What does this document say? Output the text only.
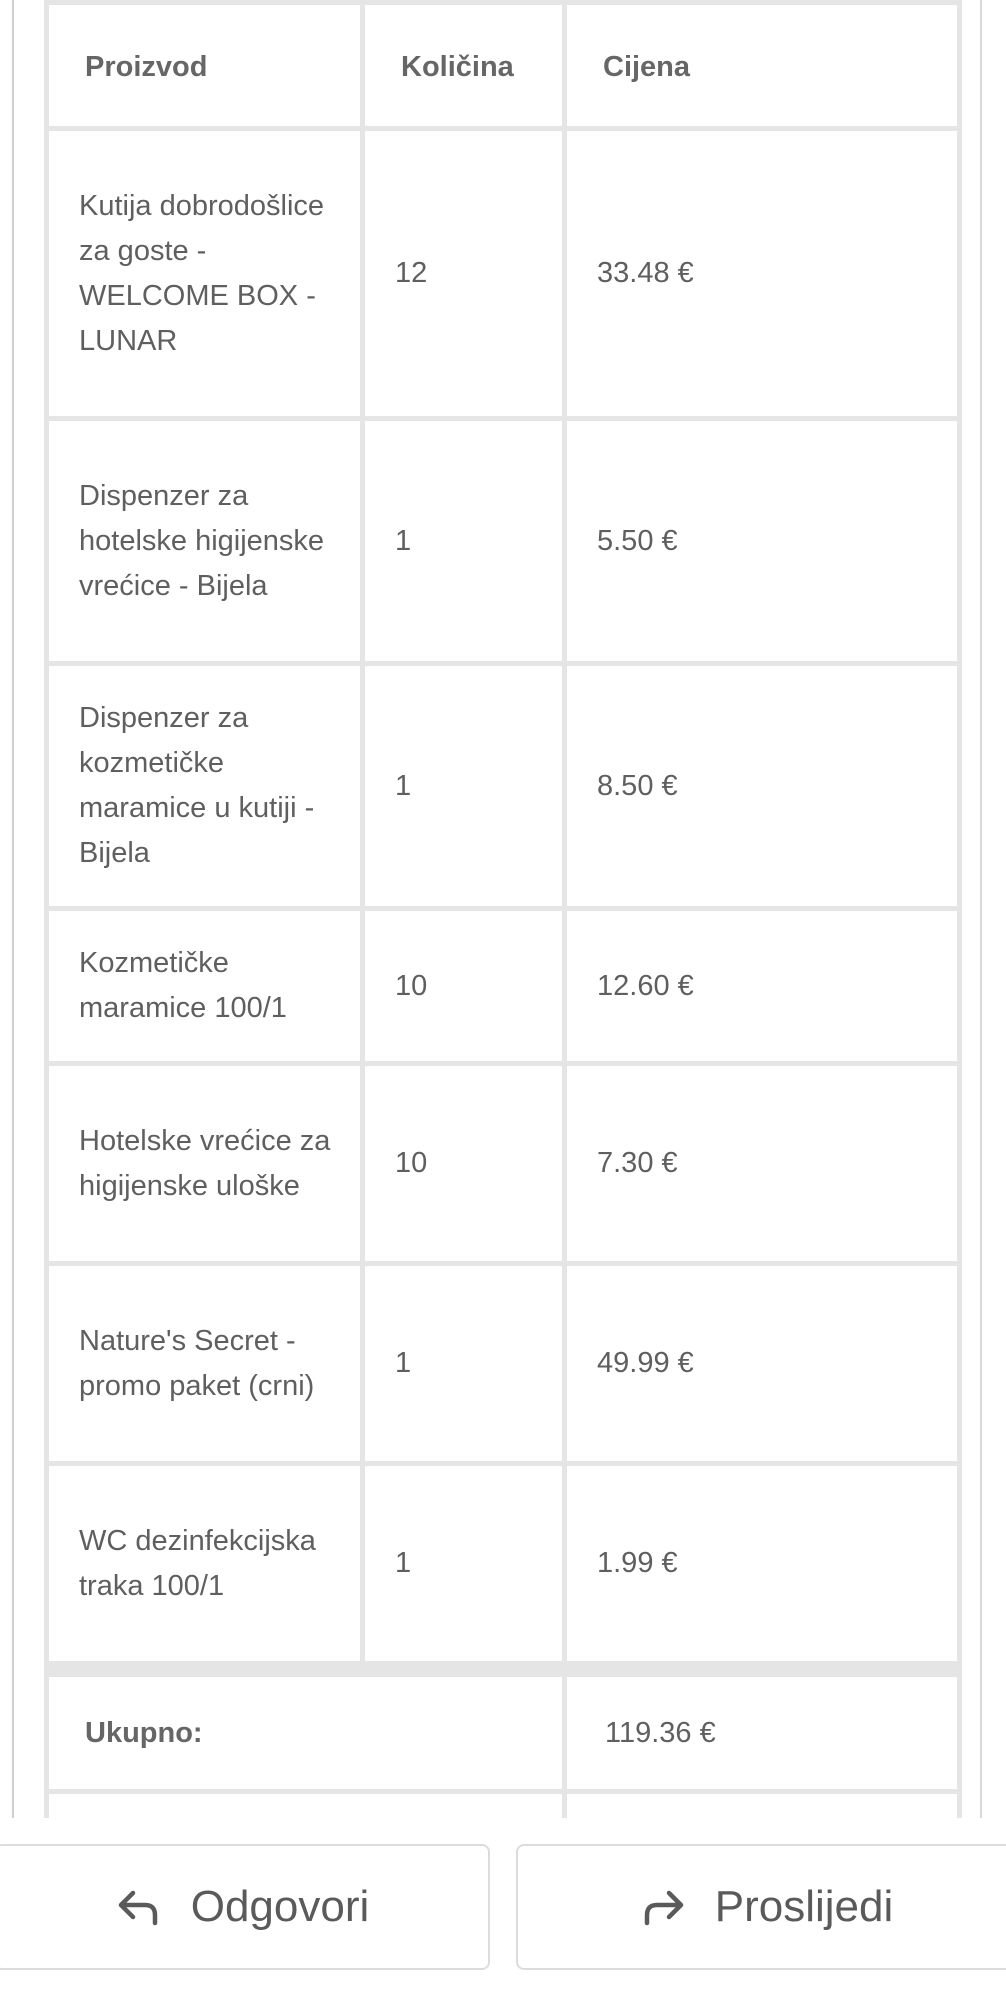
Proizvod	Količina	Cijena
Kutija dobrodošlice za goste - WELCOME BOX - LUNAR	12	33.48 €
Dispenzer za hotelske higijenske vrećice - Bijela	1	5.50 €
Dispenzer za kozmetičke maramice u kutiji - Bijela	1	8.50 €
Kozmetičke maramice 100/1	10	12.60 €
Hotelske vrećice za higijenske uloške	10	7.30 €
Nature's Secret - promo paket (crni)	1	49.99 €
WC dezinfekcijska traka 100/1	1	1.99 €

Ukupno:		119.36 €

Odgovori	Proslijedi
